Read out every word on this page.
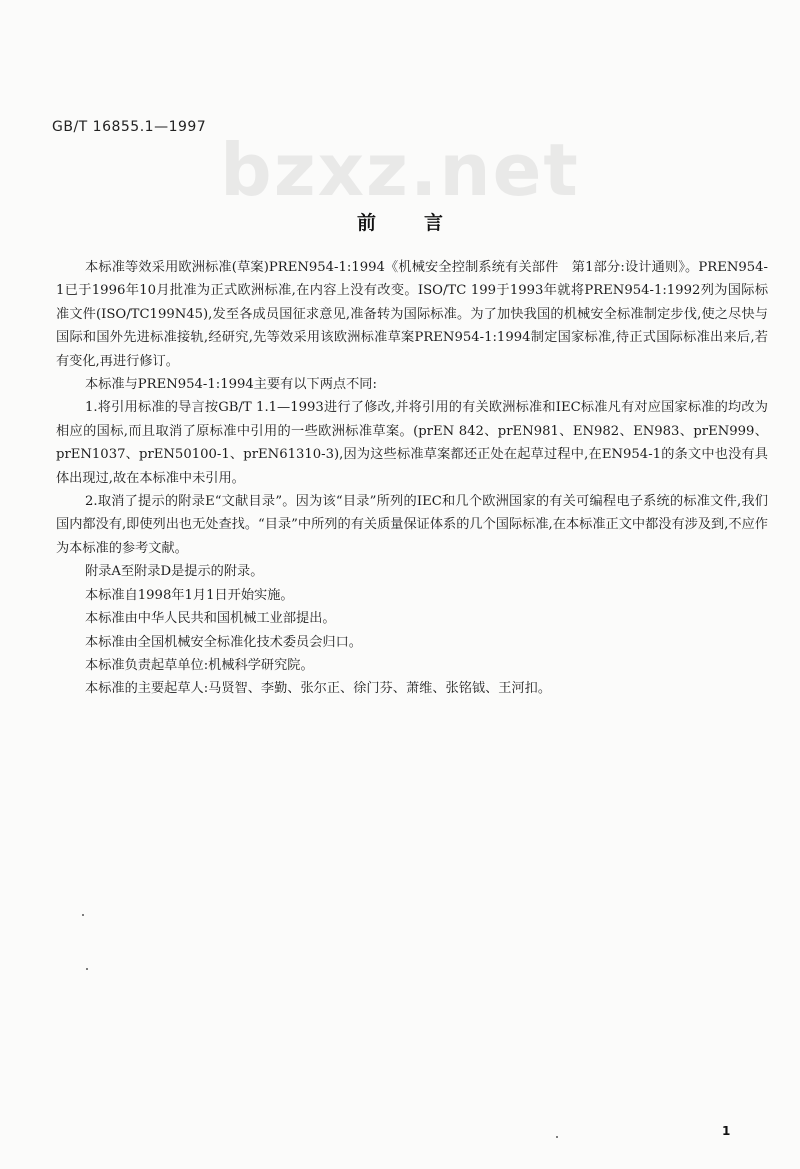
GB/T 16855.1—1997
bzxz.net
前言

本标准等效采用欧洲标准(草案)PREN954-1:1994《机械安全控制系统有关部件　第1部分:设计通则》。PREN954-1已于1996年10月批准为正式欧洲标准,在内容上没有改变。ISO/TC 199于1993年就将PREN954-1:1992列为国际标准文件(ISO/TC199N45),发至各成员国征求意见,准备转为国际标准。为了加快我国的机械安全标准制定步伐,使之尽快与国际和国外先进标准接轨,经研究,先等效采用该欧洲标准草案PREN954-1:1994制定国家标准,待正式国际标准出来后,若有变化,再进行修订。

本标准与PREN954-1:1994主要有以下两点不同:

1.将引用标准的导言按GB/T 1.1—1993进行了修改,并将引用的有关欧洲标准和IEC标准凡有对应国家标准的均改为相应的国标,而且取消了原标准中引用的一些欧洲标准草案。(prEN 842、prEN981、EN982、EN983、prEN999、prEN1037、prEN50100-1、prEN61310-3),因为这些标准草案都还正处在起草过程中,在EN954-1的条文中也没有具体出现过,故在本标准中未引用。

2.取消了提示的附录E“文献目录”。因为该“目录”所列的IEC和几个欧洲国家的有关可编程电子系统的标准文件,我们国内都没有,即使列出也无处查找。“目录”中所列的有关质量保证体系的几个国际标准,在本标准正文中都没有涉及到,不应作为本标准的参考文献。

附录A至附录D是提示的附录。

本标准自1998年1月1日开始实施。

本标准由中华人民共和国机械工业部提出。

本标准由全国机械安全标准化技术委员会归口。

本标准负责起草单位:机械科学研究院。

本标准的主要起草人:马贤智、李勤、张尔正、徐门芬、萧维、张铭钺、王河扣。

1
